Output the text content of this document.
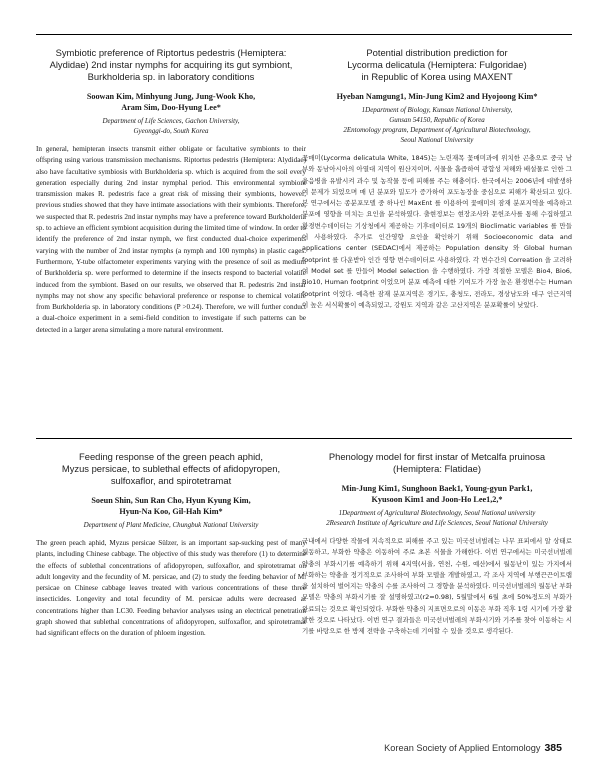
Symbiotic preference of Riptortus pedestris (Hemiptera:
Alydidae) 2nd instar nymphs for acquiring its gut symbiont,
Burkholderia sp. in laboratory conditions
Soowan Kim, Minhyung Jung, Jung-Wook Kho,
Aram Sim, Doo-Hyung Lee*
Department of Life Sciences, Gachon University,
Gyeonggi-do, South Korea
In general, hemipteran insects transmit either obligate or facultative symbionts to their offspring using various transmission mechanisms. Riptortus pedestris (Hemiptera: Alydidae) also have facultative symbiosis with Burkholderia sp. which is acquired from the soil every generation especially during 2nd instar nymphal period. This environmental symbiont transmission makes R. pedestris face a great risk of missing their symbionts, however, previous studies showed that they have intimate associations with their symbionts. Therefore, we suspected that R. pedestris 2nd instar nymphs may have a preference toward Burkholderia sp. to achieve an efficient symbiont acquisition during the limited time of window. In order to identify the preference of 2nd instar nymph, we first conducted dual-choice experiments varying with the number of 2nd instar nymphs (a nymph and 100 nymphs) in plastic cages. Furthermore, Y-tube olfactometer experiments varying with the presence of soil as medium of Burkholderia sp. were performed to determine if the insects respond to bacterial volatile induced from the symbiont. Based on our results, we observed that R. pedestris 2nd instar nymphs may not show any specific behavioral preference or response to chemical volatile from Burkholderia sp. in laboratory conditions (P >0.24). Therefore, we will further conduct a dual-choice experiment in a semi-field condition to investigate if such patterns can be detected in a larger arena simulating a more natural environment.
Potential distribution prediction for
Lycorma delicatula (Hemiptera: Fulgoridae)
in Republic of Korea using MAXENT
Hyeban Namgung1, Min-Jung Kim2 and Hyojoong Kim*
1Department of Biology, Kunsan National University,
Gunsan 54150, Republic of Korea
2Entomology program, Department of Agricultural Biotechnology,
Seoul National University
꽃매미(Lycorma delicatula White, 1845)는 노린재목 꽃매미과에 위치한 곤충으로 중국 남부와 동남아시아의 아열대 지역이 원산지이며, 식물을 흡즙하여 광합성 저해와 배설물로 인한 그을음병을 유발시켜 과수 및 농작물 등에 피해를 주는 해충이다. 한국에서는 2006년에 대발생하여 문제가 되었으며 매 년 분포와 밀도가 증가하여 포도농장을 중심으로 피해가 확산되고 있다. 본 연구에서는 종분포모델 중 하나인 MaxEnt 를 이용하여 꽃매미의 잠재 분포지역을 예측하고 분포에 영향을 미치는 요인을 분석하였다. 출현정보는 현장조사와 문헌조사를 통해 수집하였고 환경변수데이터는 기상청에서 제공하는 기후데이터로 19개의 Bioclimatic variables 를 만들어 사용하였다. 추가로 인간영향 요인을 확인하기 위해 Socioeconomic data and applications center (SEDAC)에서 제공하는 Population density 와 Global human footprint 를 다운받아 인간 영향 변수데이터로 사용하였다. 각 변수간의 Correation 을 고려하여 Model set 를 만들어 Model selection 을 수행하였다. 가장 적절한 모델은 Bio4, Bio6, Bio10, Human footprint 이었으며 분포 예측에 대한 기여도가 가장 높은 환경변수는 Human footprint 이었다. 예측한 잠재 분포지역은 경기도, 충청도, 전라도, 경상남도와 대구 인근지역이 높은 서식확률이 예측되었고, 강원도 지역과 같은 고산지역은 분포확률이 낮았다.
Feeding response of the green peach aphid,
Myzus persicae, to sublethal effects of afidopyropen,
sulfoxaflor, and spirotetramat
Soeun Shin, Sun Ran Cho, Hyun Kyung Kim,
Hyun-Na Koo, Gil-Hah Kim*
Department of Plant Medicine, Chungbuk National University
The green peach aphid, Myzus persicae Sülzer, is an important sap-sucking pest of many plants, including Chinese cabbage. The objective of this study was therefore (1) to determine the effects of sublethal concentrations of afidopyropen, sulfoxaflor, and spirotetramat on adult longevity and the fecundity of M. persicae, and (2) to study the feeding behavior of M. persicae on Chinese cabbage leaves treated with various concentrations of these three insecticides. Longevity and total fecundity of M. persicae adults were decreased at concentrations higher than LC30. Feeding behavior analyses using an electrical penetration graph showed that sublethal concentrations of afidopyropen, sulfoxaflor, and spirotetramat had significant effects on the duration of phloem ingestion.
Phenology model for first instar of Metcalfa pruinosa
(Hemiptera: Flatidae)
Min-Jung Kim1, Sunghoon Baek1, Young-gyun Park1,
Kyusoon Kim1 and Joon-Ho Lee1,2,*
1Department of Agricultural Biotechnology, Seoul National university
2Research Institute of Agriculture and Life Sciences, Seoul National University
국내에서 다양한 작물에 지속적으로 피해를 주고 있는 미국선녀벌레는 나무 표피에서 알 상태로 월동하고, 부화한 약충은 이동하여 주로 초본 식물을 가해한다. 이번 연구에서는 미국선녀벌레 약충의 부화시기를 예측하기 위해 4지역(서울, 연천, 수원, 예산)에서 월동난이 있는 가지에서 부화하는 약충을 정기적으로 조사하여 부화 모델을 개발하였고, 각 조사 지역에 부행끈끈이트랩을 설치하여 벌어지는 약충의 수를 조사하여 그 경향을 분석하였다. 미국선녀벌레의 월동난 부화 모델은 약충의 부화시기를 잘 설명하였고(r2=0.98), 5월말에서 6월 초에 50%정도의 부화가 완료되는 것으로 확인되었다. 부화한 약충의 지표면으로의 이동은 부화 직후 1령 시기에 가장 활발한 것으로 나타났다. 이번 연구 결과들은 미국선녀벌레의 부화시기와 기주를 찾아 이동하는 시기를 바탕으로 한 방제 전략을 구축하는데 기여할 수 있을 것으로 생각된다.
Korean Society of Applied Entomology 385
